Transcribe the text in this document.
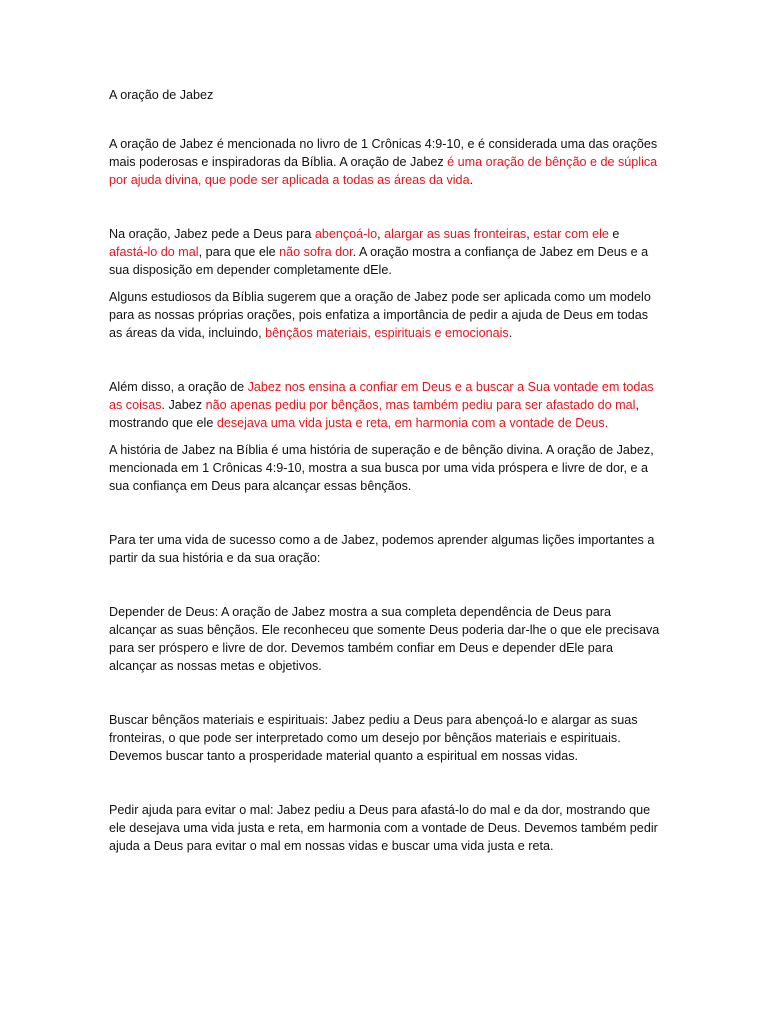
A oração de Jabez

A oração de Jabez é mencionada no livro de 1 Crônicas 4:9-10, e é considerada uma das orações mais poderosas e inspiradoras da Bíblia. A oração de Jabez é uma oração de bênção e de súplica por ajuda divina, que pode ser aplicada a todas as áreas da vida.

Na oração, Jabez pede a Deus para abençoá-lo, alargar as suas fronteiras, estar com ele e afastá-lo do mal, para que ele não sofra dor. A oração mostra a confiança de Jabez em Deus e a sua disposição em depender completamente dEle.

Alguns estudiosos da Bíblia sugerem que a oração de Jabez pode ser aplicada como um modelo para as nossas próprias orações, pois enfatiza a importância de pedir a ajuda de Deus em todas as áreas da vida, incluindo, bênçãos materiais, espirituais e emocionais.

Além disso, a oração de Jabez nos ensina a confiar em Deus e a buscar a Sua vontade em todas as coisas. Jabez não apenas pediu por bênçãos, mas também pediu para ser afastado do mal, mostrando que ele desejava uma vida justa e reta, em harmonia com a vontade de Deus.

A história de Jabez na Bíblia é uma história de superação e de bênção divina. A oração de Jabez, mencionada em 1 Crônicas 4:9-10, mostra a sua busca por uma vida próspera e livre de dor, e a sua confiança em Deus para alcançar essas bênçãos.

Para ter uma vida de sucesso como a de Jabez, podemos aprender algumas lições importantes a partir da sua história e da sua oração:

Depender de Deus: A oração de Jabez mostra a sua completa dependência de Deus para alcançar as suas bênçãos. Ele reconheceu que somente Deus poderia dar-lhe o que ele precisava para ser próspero e livre de dor. Devemos também confiar em Deus e depender dEle para alcançar as nossas metas e objetivos.

Buscar bênçãos materiais e espirituais: Jabez pediu a Deus para abençoá-lo e alargar as suas fronteiras, o que pode ser interpretado como um desejo por bênçãos materiais e espirituais. Devemos buscar tanto a prosperidade material quanto a espiritual em nossas vidas.

Pedir ajuda para evitar o mal: Jabez pediu a Deus para afastá-lo do mal e da dor, mostrando que ele desejava uma vida justa e reta, em harmonia com a vontade de Deus. Devemos também pedir ajuda a Deus para evitar o mal em nossas vidas e buscar uma vida justa e reta.
